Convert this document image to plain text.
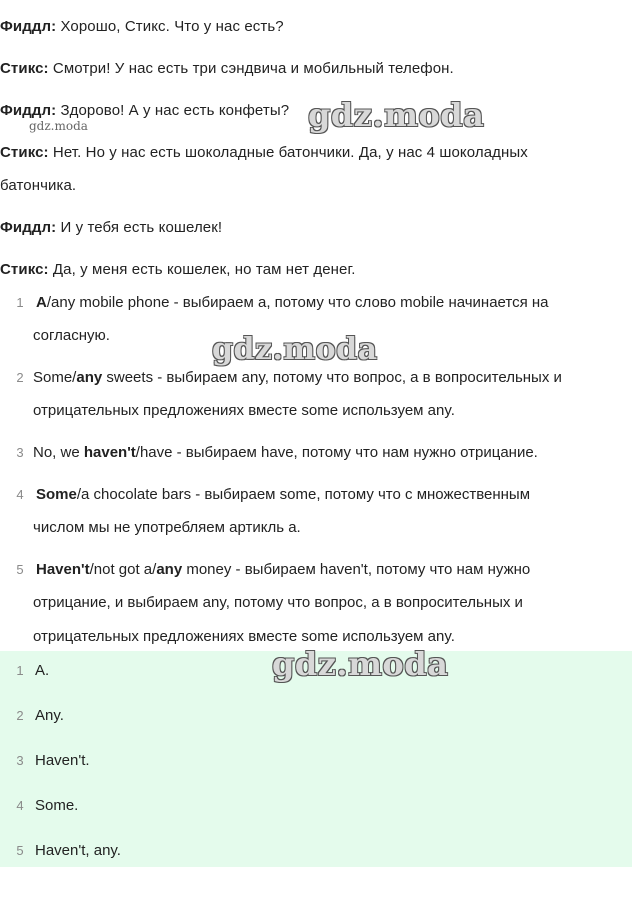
Фиддл: Хорошо, Стикс. Что у нас есть?
Стикс: Смотри! У нас есть три сэндвича и мобильный телефон.
Фиддл: Здорово! А у нас есть конфеты?
Стикс: Нет. Но у нас есть шоколадные батончики. Да, у нас 4 шоколадных
батончика.
Фиддл: И у тебя есть кошелек!
Стикс: Да, у меня есть кошелек, но там нет денег.
1 A/any mobile phone - выбираем a, потому что слово mobile начинается на
согласную.
2 Some/any sweets - выбираем any, потому что вопрос, а в вопросительных и
отрицательных предложениях вместе some используем any.
3 No, we haven't/have - выбираем have, потому что нам нужно отрицание.
4 Some/a chocolate bars - выбираем some, потому что с множественным
числом мы не употребляем артикль a.
5 Haven't/not got a/any money - выбираем haven't, потому что нам нужно
отрицание, и выбираем any, потому что вопрос, а в вопросительных и
отрицательных предложениях вместе some используем any.
1 A.
2 Any.
3 Haven't.
4 Some.
5 Haven't, any.
gdz.moda
gdz.moda
gdz.moda
gdz.moda
